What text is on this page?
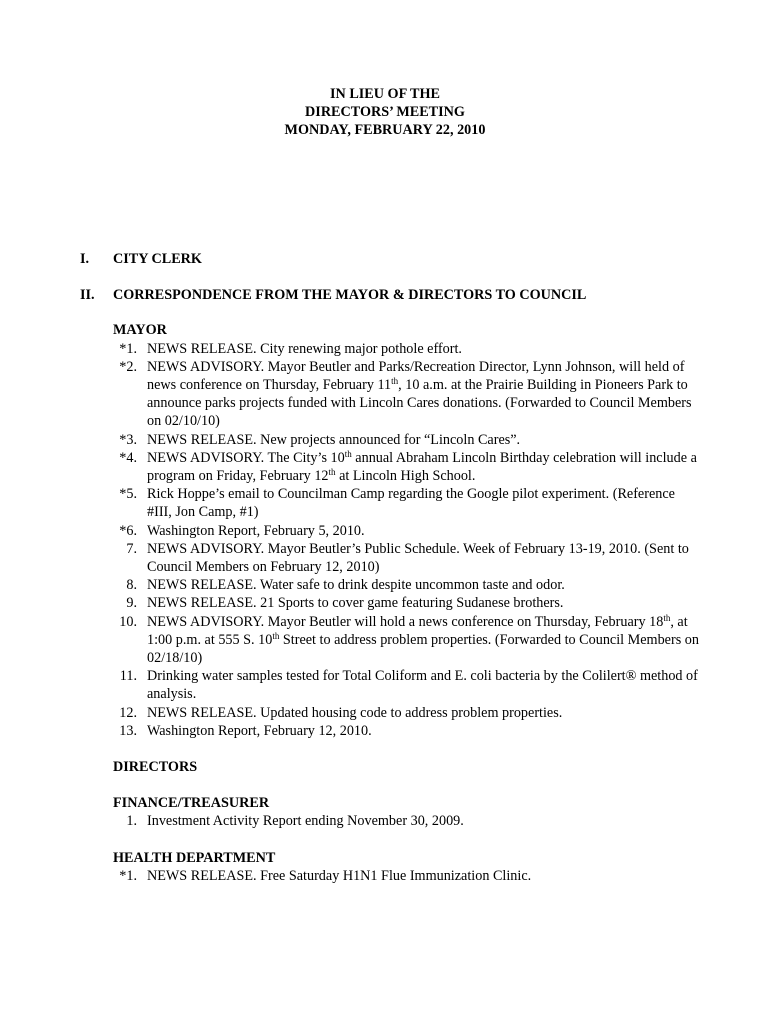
IN LIEU OF THE
DIRECTORS’ MEETING
MONDAY, FEBRUARY 22, 2010
I. CITY CLERK
II. CORRESPONDENCE FROM THE MAYOR & DIRECTORS TO COUNCIL
MAYOR
*1. NEWS RELEASE. City renewing major pothole effort.
*2. NEWS ADVISORY. Mayor Beutler and Parks/Recreation Director, Lynn Johnson, will held of news conference on Thursday, February 11th, 10 a.m. at the Prairie Building in Pioneers Park to announce parks projects funded with Lincoln Cares donations. (Forwarded to Council Members on 02/10/10)
*3. NEWS RELEASE. New projects announced for “Lincoln Cares”.
*4. NEWS ADVISORY. The City’s 10th annual Abraham Lincoln Birthday celebration will include a program on Friday, February 12th at Lincoln High School.
*5. Rick Hoppe’s email to Councilman Camp regarding the Google pilot experiment. (Reference #III, Jon Camp, #1)
*6. Washington Report, February 5, 2010.
7. NEWS ADVISORY. Mayor Beutler’s Public Schedule. Week of February 13-19, 2010. (Sent to Council Members on February 12, 2010)
8. NEWS RELEASE. Water safe to drink despite uncommon taste and odor.
9. NEWS RELEASE. 21 Sports to cover game featuring Sudanese brothers.
10. NEWS ADVISORY. Mayor Beutler will hold a news conference on Thursday, February 18th, at 1:00 p.m. at 555 S. 10th Street to address problem properties. (Forwarded to Council Members on 02/18/10)
11. Drinking water samples tested for Total Coliform and E. coli bacteria by the Colilert® method of analysis.
12. NEWS RELEASE. Updated housing code to address problem properties.
13. Washington Report, February 12, 2010.
DIRECTORS
FINANCE/TREASURER
1. Investment Activity Report ending November 30, 2009.
HEALTH DEPARTMENT
*1. NEWS RELEASE. Free Saturday H1N1 Flue Immunization Clinic.
